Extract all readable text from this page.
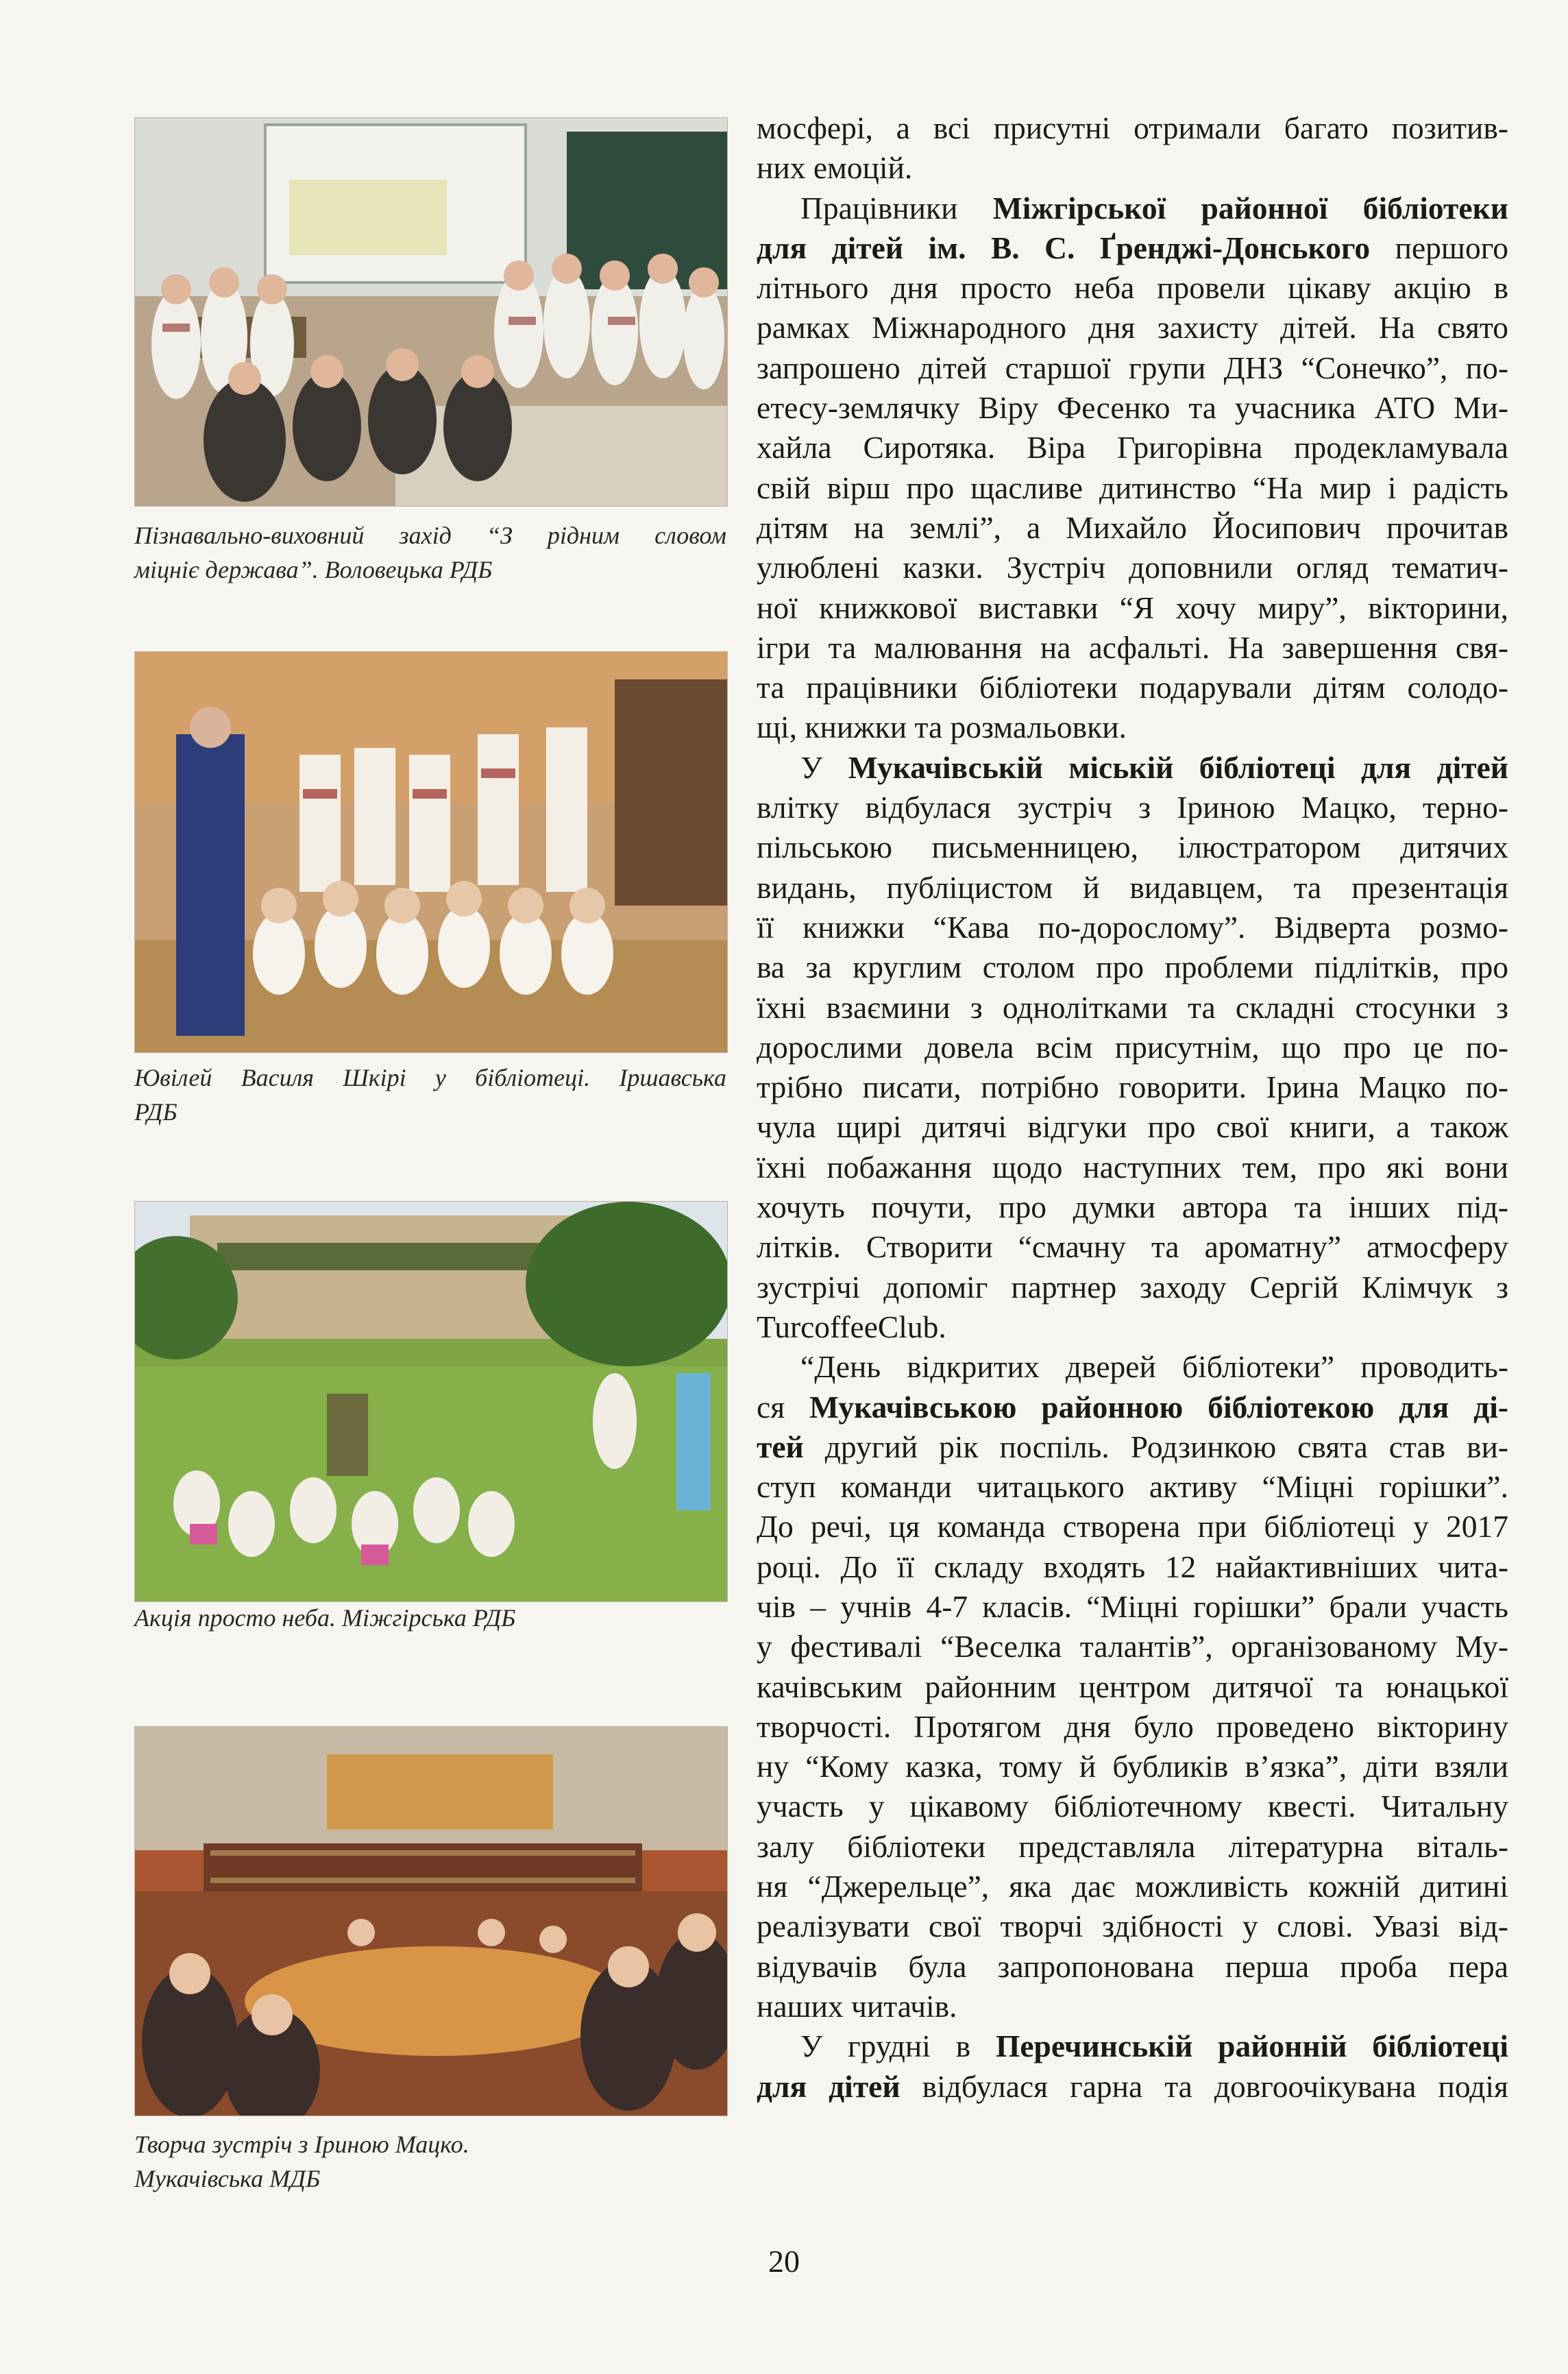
Пізнавально-виховний захід “З рідним словом
міцніє держава”. Воловецька РДБ
Ювілей Василя Шкірі у бібліотеці. Іршавська
РДБ
Акція просто неба. Міжгірська РДБ
Творча зустріч з Іриною Мацко.
Мукачівська МДБ
мосфері, а всі присутні отримали багато позитив-
них емоцій.
Працівники Міжгірської районної бібліотеки
для дітей ім. В. С. Ґренджі-Донського першого
літнього дня просто неба провели цікаву акцію в
рамках Міжнародного дня захисту дітей. На свято
запрошено дітей старшої групи ДНЗ “Сонечко”, по-
етесу-землячку Віру Фесенко та учасника АТО Ми-
хайла Сиротяка. Віра Григорівна продекламувала
свій вірш про щасливе дитинство “На мир і радість
дітям на землі”, а Михайло Йосипович прочитав
улюблені казки. Зустріч доповнили огляд тематич-
ної книжкової виставки “Я хочу миру”, вікторини,
ігри та малювання на асфальті. На завершення свя-
та працівники бібліотеки подарували дітям солодо-
щі, книжки та розмальовки.
У Мукачівській міській бібліотеці для дітей
влітку відбулася зустріч з Іриною Мацко, терно-
пільською письменницею, ілюстратором дитячих
видань, публіцистом й видавцем, та презентація
її книжки “Кава по-дорослому”. Відверта розмо-
ва за круглим столом про проблеми підлітків, про
їхні взаємини з однолітками та складні стосунки з
дорослими довела всім присутнім, що про це по-
трібно писати, потрібно говорити. Ірина Мацко по-
чула щирі дитячі відгуки про свої книги, а також
їхні побажання щодо наступних тем, про які вони
хочуть почути, про думки автора та інших під-
літків. Створити “смачну та ароматну” атмосферу
зустрічі допоміг партнер заходу Сергій Клімчук з
TurcoffeeClub.
“День відкритих дверей бібліотеки” проводить-
ся Мукачівською районною бібліотекою для ді-
тей другий рік поспіль. Родзинкою свята став ви-
ступ команди читацького активу “Міцні горішки”.
До речі, ця команда створена при бібліотеці у 2017
році. До її складу входять 12 найактивніших чита-
чів – учнів 4-7 класів. “Міцні горішки” брали участь
у фестивалі “Веселка талантів”, організованому Му-
качівським районним центром дитячої та юнацької
творчості. Протягом дня було проведено вікторину
ну “Кому казка, тому й бубликів в’язка”, діти взяли
участь у цікавому бібліотечному квесті. Читальну
залу бібліотеки представляла літературна віталь-
ня “Джерельце”, яка дає можливість кожній дитині
реалізувати свої творчі здібності у слові. Увазі від-
відувачів була запропонована перша проба пера
наших читачів.
У грудні в Перечинській районній бібліотеці
для дітей відбулася гарна та довгоочікувана подія
20
